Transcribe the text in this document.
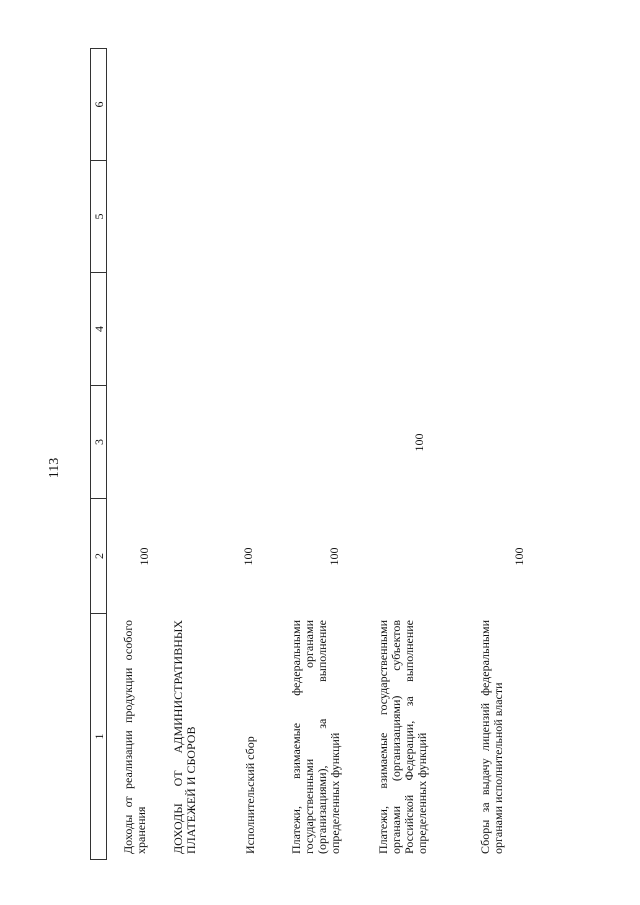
113
1
2
3
4
5
6
Доходы от реализации продукции особого хранения
100
ДОХОДЫ ОТ АДМИНИСТРАТИВНЫХ ПЛАТЕЖЕЙ И СБОРОВ	Исполнительский сбор
100
Платежи, взимаемые федеральными государственными органами (организациями), за выполнение определенных функций
100
Платежи, взимаемые государственными органами (организациями) субъектов Российской Федерации, за выполнение определенных функций
100
Сборы за выдачу лицензий федеральными органами исполнительной власти
100
